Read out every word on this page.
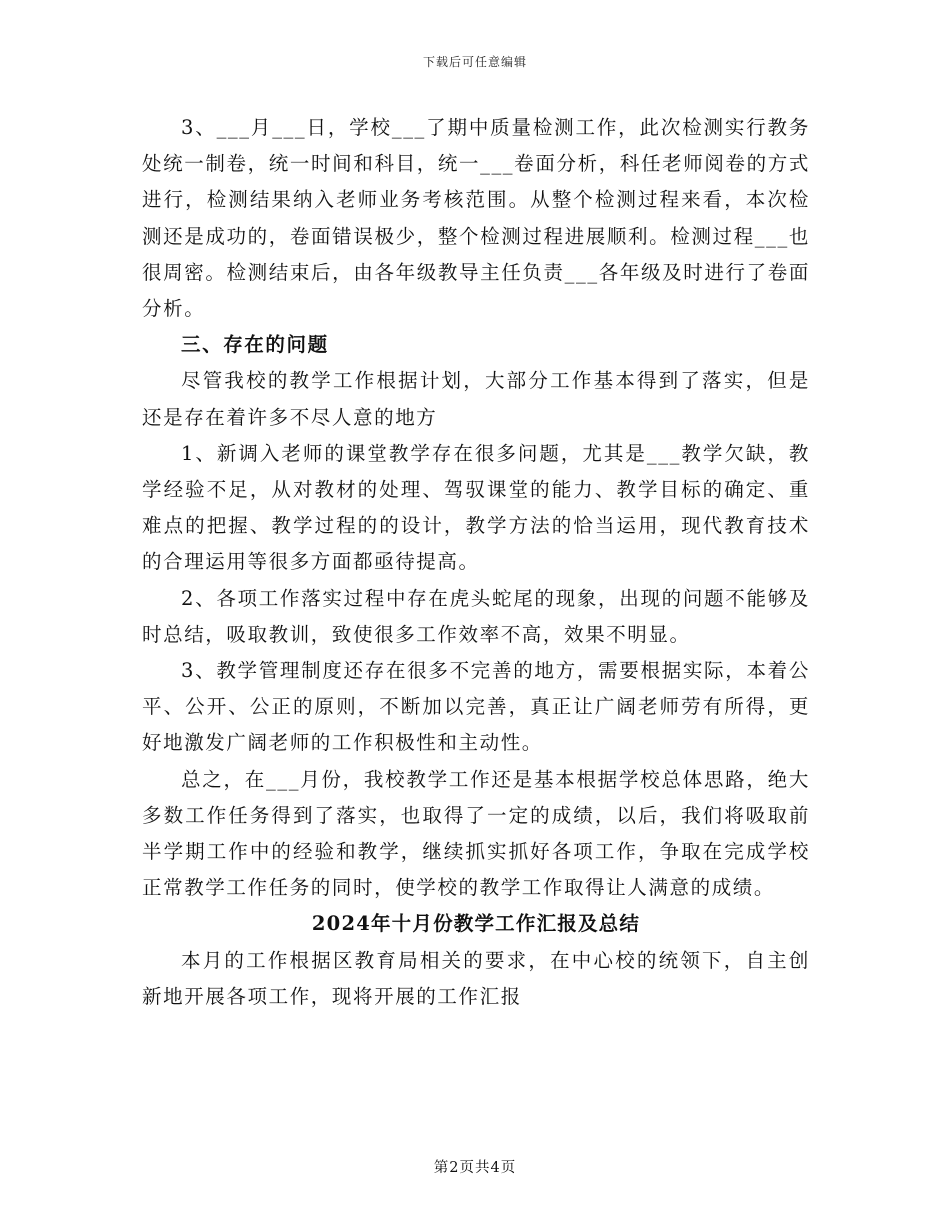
下载后可任意编辑

3、___月___日，学校___了期中质量检测工作，此次检测实行教务处统一制卷，统一时间和科目，统一___卷面分析，科任老师阅卷的方式进行，检测结果纳入老师业务考核范围。从整个检测过程来看，本次检测还是成功的，卷面错误极少，整个检测过程进展顺利。检测过程___也很周密。检测结束后，由各年级教导主任负责___各年级及时进行了卷面分析。

三、存在的问题

尽管我校的教学工作根据计划，大部分工作基本得到了落实，但是还是存在着许多不尽人意的地方

1、新调入老师的课堂教学存在很多问题，尤其是___教学欠缺，教学经验不足，从对教材的处理、驾驭课堂的能力、教学目标的确定、重难点的把握、教学过程的的设计，教学方法的恰当运用，现代教育技术的合理运用等很多方面都亟待提高。

2、各项工作落实过程中存在虎头蛇尾的现象，出现的问题不能够及时总结，吸取教训，致使很多工作效率不高，效果不明显。

3、教学管理制度还存在很多不完善的地方，需要根据实际，本着公平、公开、公正的原则，不断加以完善，真正让广阔老师劳有所得，更好地激发广阔老师的工作积极性和主动性。

总之，在___月份，我校教学工作还是基本根据学校总体思路，绝大多数工作任务得到了落实，也取得了一定的成绩，以后，我们将吸取前半学期工作中的经验和教学，继续抓实抓好各项工作，争取在完成学校正常教学工作任务的同时，使学校的教学工作取得让人满意的成绩。

2024年十月份教学工作汇报及总结

本月的工作根据区教育局相关的要求，在中心校的统领下，自主创新地开展各项工作，现将开展的工作汇报

第2页共4页
